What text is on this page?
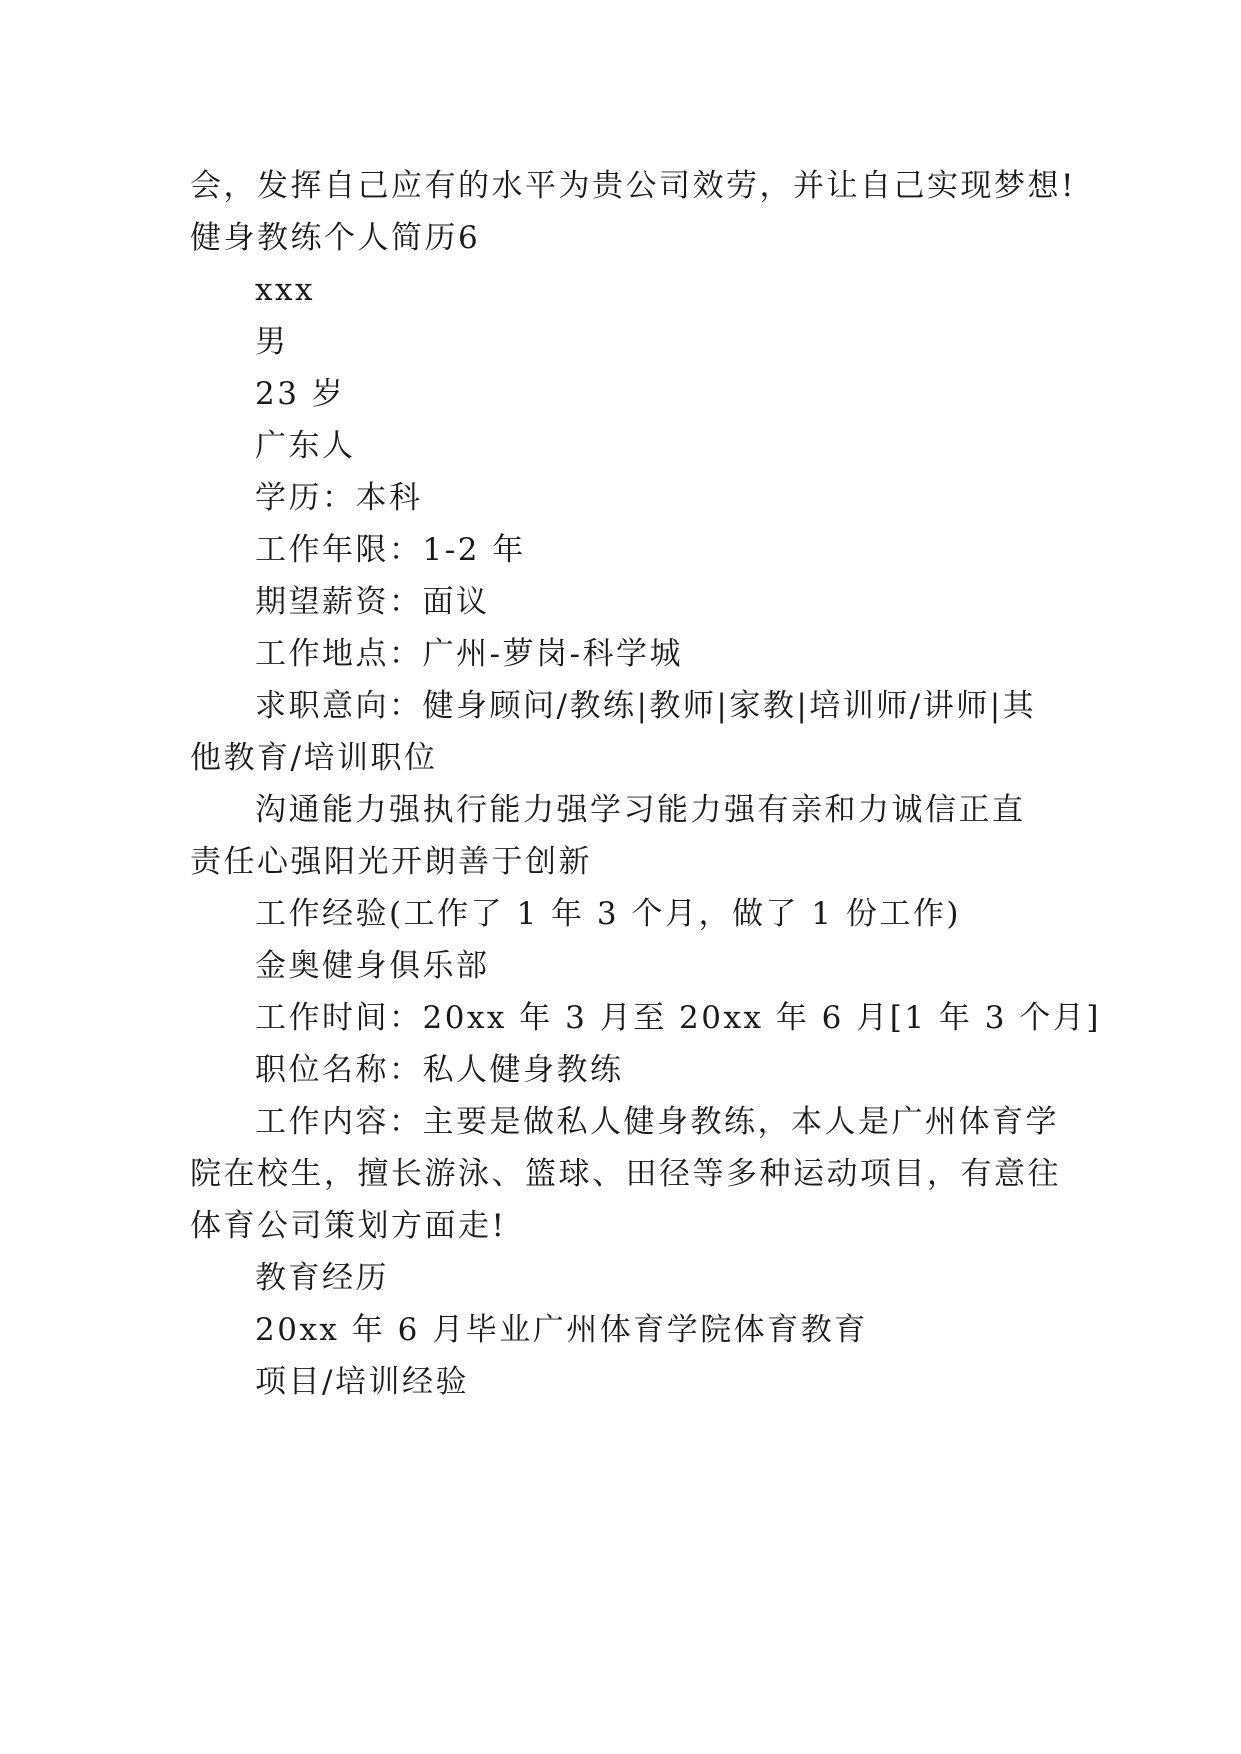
会，发挥自己应有的水平为贵公司效劳，并让自己实现梦想!
健身教练个人简历6
xxx
男
23 岁
广东人
学历：本科
工作年限：1-2 年
期望薪资：面议
工作地点：广州-萝岗-科学城
求职意向：健身顾问/教练|教师|家教|培训师/讲师|其
他教育/培训职位
沟通能力强执行能力强学习能力强有亲和力诚信正直
责任心强阳光开朗善于创新
工作经验(工作了 1 年 3 个月，做了 1 份工作)
金奥健身俱乐部
工作时间：20xx 年 3 月至 20xx 年 6 月[1 年 3 个月]
职位名称：私人健身教练
工作内容：主要是做私人健身教练，本人是广州体育学
院在校生，擅长游泳、篮球、田径等多种运动项目，有意往
体育公司策划方面走!
教育经历
20xx 年 6 月毕业广州体育学院体育教育
项目/培训经验
